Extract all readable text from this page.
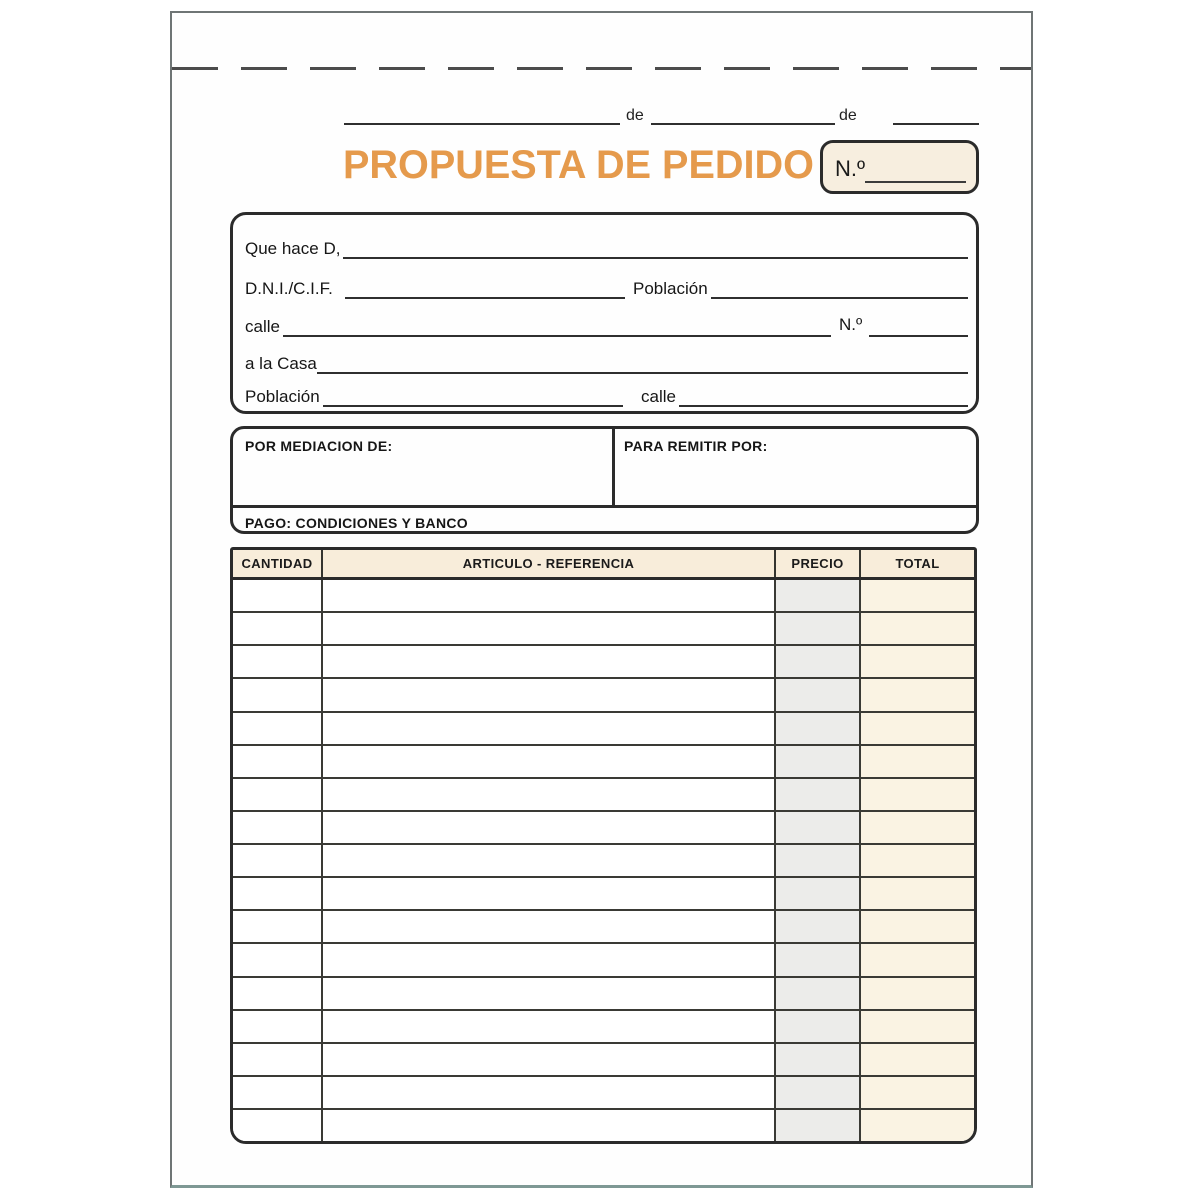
de	de
PROPUESTA DE PEDIDO N.º
Que hace D,
D.N.I./C.I.F.	Población
calle	N.º
a la Casa
Población	calle
POR MEDIACION DE:	PARA REMITIR POR:
PAGO: CONDICIONES Y BANCO
CANTIDAD	ARTICULO - REFERENCIA	PRECIO	TOTAL
